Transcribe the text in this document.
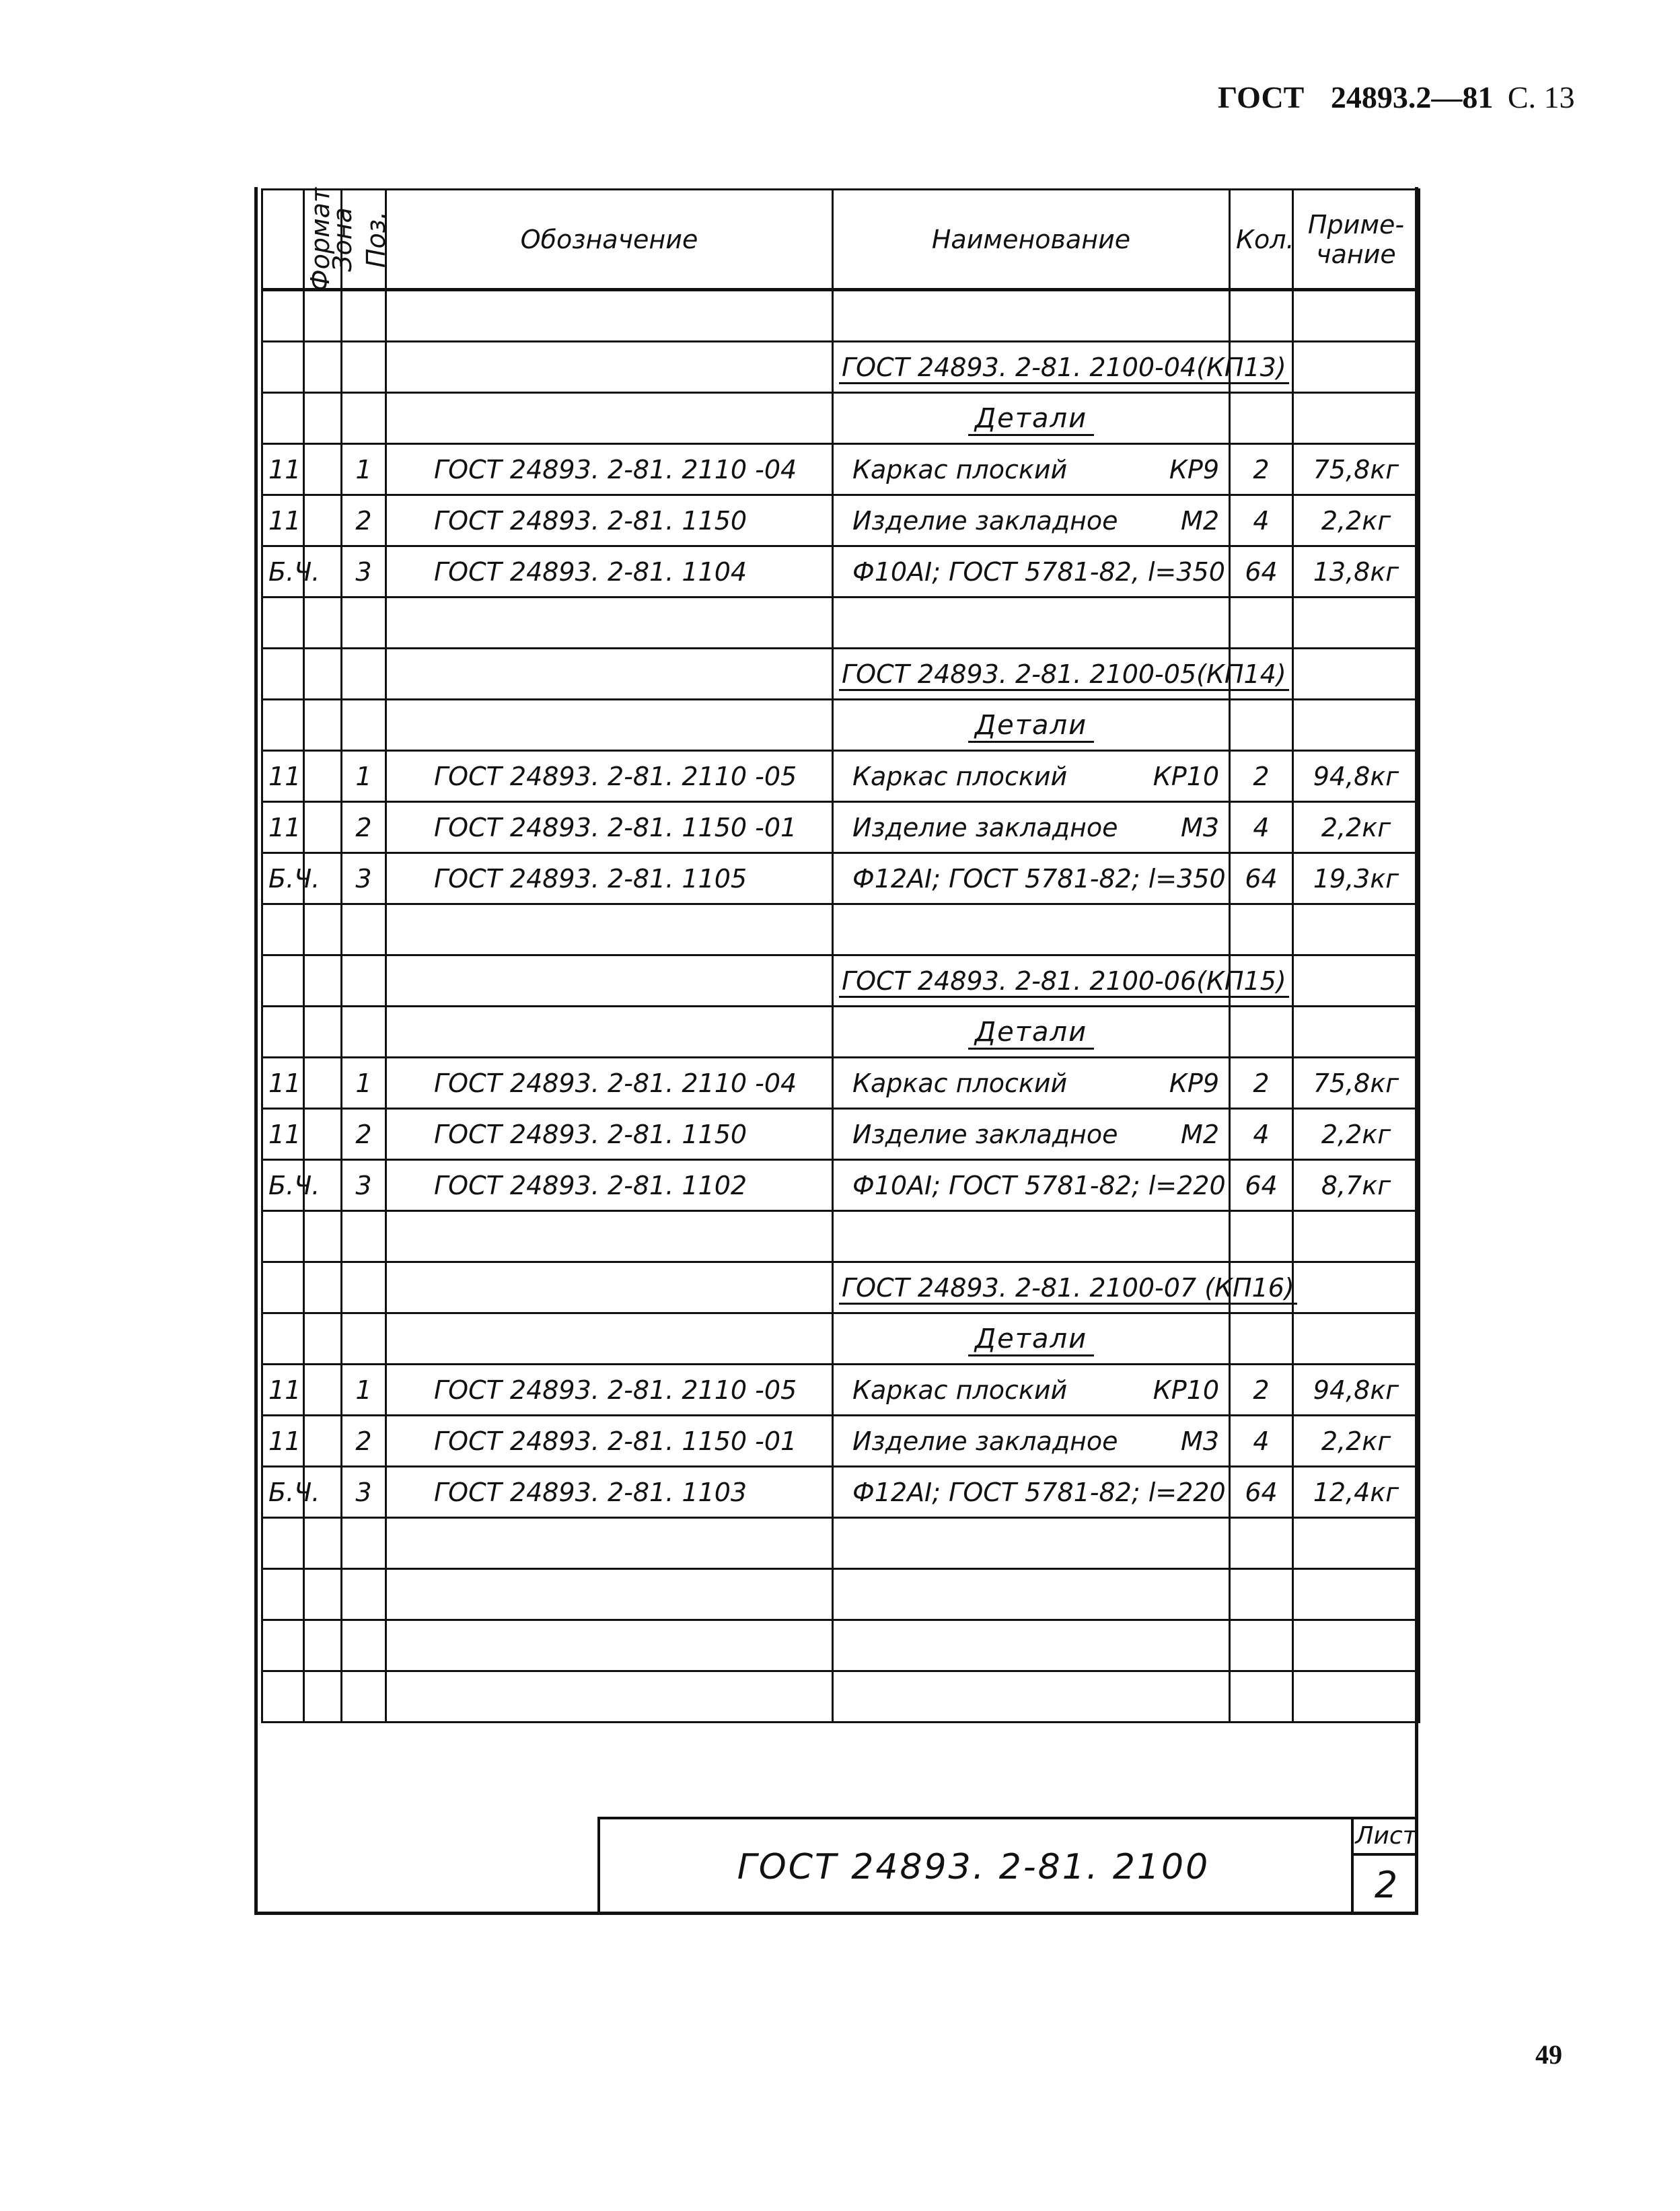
ГОСТ 24893.2—81 С. 13
Формат	Зона	Поз.	Обозначение	Наименование	Кол.	Приме-
чание

				ГОСТ 24893. 2-81. 2100-04(КП13)		
				Детали		
11		1	ГОСТ 24893. 2-81. 2110 -04	Каркас плоский КР9	2	75,8кг
11		2	ГОСТ 24893. 2-81. 1150	Изделие закладное М2	4	2,2кг
Б.Ч.		3	ГОСТ 24893. 2-81. 1104	Ф10АI; ГОСТ 5781-82, l=350	64	13,8кг

				ГОСТ 24893. 2-81. 2100-05(КП14)		
				Детали		
11		1	ГОСТ 24893. 2-81. 2110 -05	Каркас плоский КР10	2	94,8кг
11		2	ГОСТ 24893. 2-81. 1150 -01	Изделие закладное М3	4	2,2кг
Б.Ч.		3	ГОСТ 24893. 2-81. 1105	Ф12АI; ГОСТ 5781-82; l=350	64	19,3кг

				ГОСТ 24893. 2-81. 2100-06(КП15)		
				Детали		
11		1	ГОСТ 24893. 2-81. 2110 -04	Каркас плоский КР9	2	75,8кг
11		2	ГОСТ 24893. 2-81. 1150	Изделие закладное М2	4	2,2кг
Б.Ч.		3	ГОСТ 24893. 2-81. 1102	Ф10АI; ГОСТ 5781-82; l=220	64	8,7кг

				ГОСТ 24893. 2-81. 2100-07 (КП16)		
				Детали		
11		1	ГОСТ 24893. 2-81. 2110 -05	Каркас плоский КР10	2	94,8кг
11		2	ГОСТ 24893. 2-81. 1150 -01	Изделие закладное М3	4	2,2кг
Б.Ч.		3	ГОСТ 24893. 2-81. 1103	Ф12АI; ГОСТ 5781-82; l=220	64	12,4кг

ГОСТ 24893. 2-81. 2100
Лист
2
49
